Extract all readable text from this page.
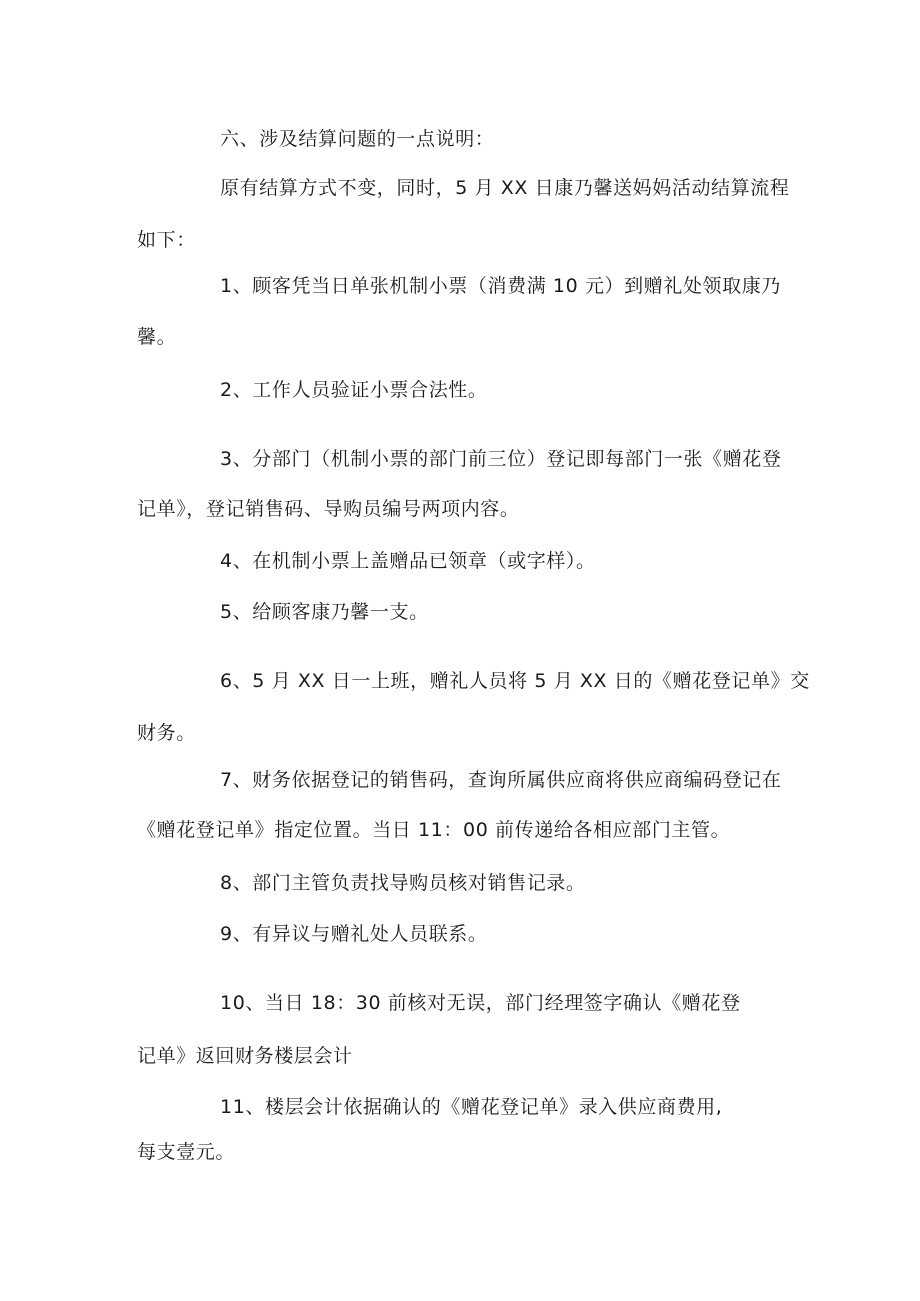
六、涉及结算问题的一点说明：
原有结算方式不变，同时，5 月 XX 日康乃馨送妈妈活动结算流程
如下：
1、顾客凭当日单张机制小票（消费满 10 元）到赠礼处领取康乃
馨。
2、工作人员验证小票合法性。
3、分部门（机制小票的部门前三位）登记即每部门一张《赠花登
记单》，登记销售码、导购员编号两项内容。
4、在机制小票上盖赠品已领章（或字样）。
5、给顾客康乃馨一支。
6、5 月 XX 日一上班，赠礼人员将 5 月 XX 日的《赠花登记单》交
财务。
7、财务依据登记的销售码，查询所属供应商将供应商编码登记在
《赠花登记单》指定位置。当日 11：00 前传递给各相应部门主管。
8、部门主管负责找导购员核对销售记录。
9、有异议与赠礼处人员联系。
10、当日 18：30 前核对无误，部门经理签字确认《赠花登
记单》返回财务楼层会计
11、楼层会计依据确认的《赠花登记单》录入供应商费用,
每支壹元。
